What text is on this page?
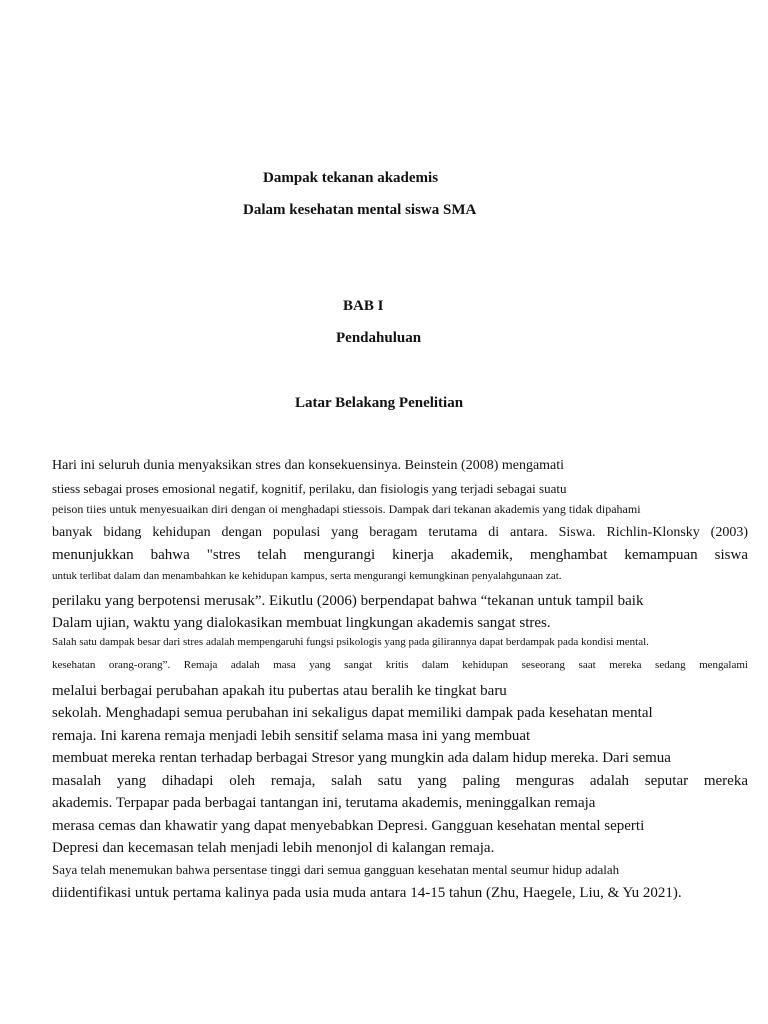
Dampak tekanan akademis
Dalam kesehatan mental siswa SMA
BAB I
Pendahuluan
Latar Belakang Penelitian

Hari ini seluruh dunia menyaksikan stres dan konsekuensinya. Beinstein (2008) mengamati

stiess sebagai proses emosional negatif, kognitif, perilaku, dan fisiologis yang terjadi sebagai suatu

peison tiies untuk menyesuaikan diri dengan oi menghadapi stiessois. Dampak dari tekanan akademis yang tidak dipahami

banyak bidang kehidupan dengan populasi yang beragam terutama di antara. Siswa. Richlin-Klonsky (2003)

menunjukkan bahwa "stres telah mengurangi kinerja akademik, menghambat kemampuan siswa

untuk terlibat dalam dan menambahkan ke kehidupan kampus, serta mengurangi kemungkinan penyalahgunaan zat.

perilaku yang berpotensi merusak”. Eikutlu (2006) berpendapat bahwa “tekanan untuk tampil baik

Dalam ujian, waktu yang dialokasikan membuat lingkungan akademis sangat stres.

Salah satu dampak besar dari stres adalah mempengaruhi fungsi psikologis yang pada gilirannya dapat berdampak pada kondisi mental.

kesehatan orang-orang”. Remaja adalah masa yang sangat kritis dalam kehidupan seseorang saat mereka sedang mengalami

melalui berbagai perubahan apakah itu pubertas atau beralih ke tingkat baru

sekolah. Menghadapi semua perubahan ini sekaligus dapat memiliki dampak pada kesehatan mental

remaja. Ini karena remaja menjadi lebih sensitif selama masa ini yang membuat

membuat mereka rentan terhadap berbagai Stresor yang mungkin ada dalam hidup mereka. Dari semua

masalah yang dihadapi oleh remaja, salah satu yang paling menguras adalah seputar mereka

akademis. Terpapar pada berbagai tantangan ini, terutama akademis, meninggalkan remaja

merasa cemas dan khawatir yang dapat menyebabkan Depresi. Gangguan kesehatan mental seperti

Depresi dan kecemasan telah menjadi lebih menonjol di kalangan remaja.

Saya telah menemukan bahwa persentase tinggi dari semua gangguan kesehatan mental seumur hidup adalah

diidentifikasi untuk pertama kalinya pada usia muda antara 14-15 tahun (Zhu, Haegele, Liu, & Yu 2021).
